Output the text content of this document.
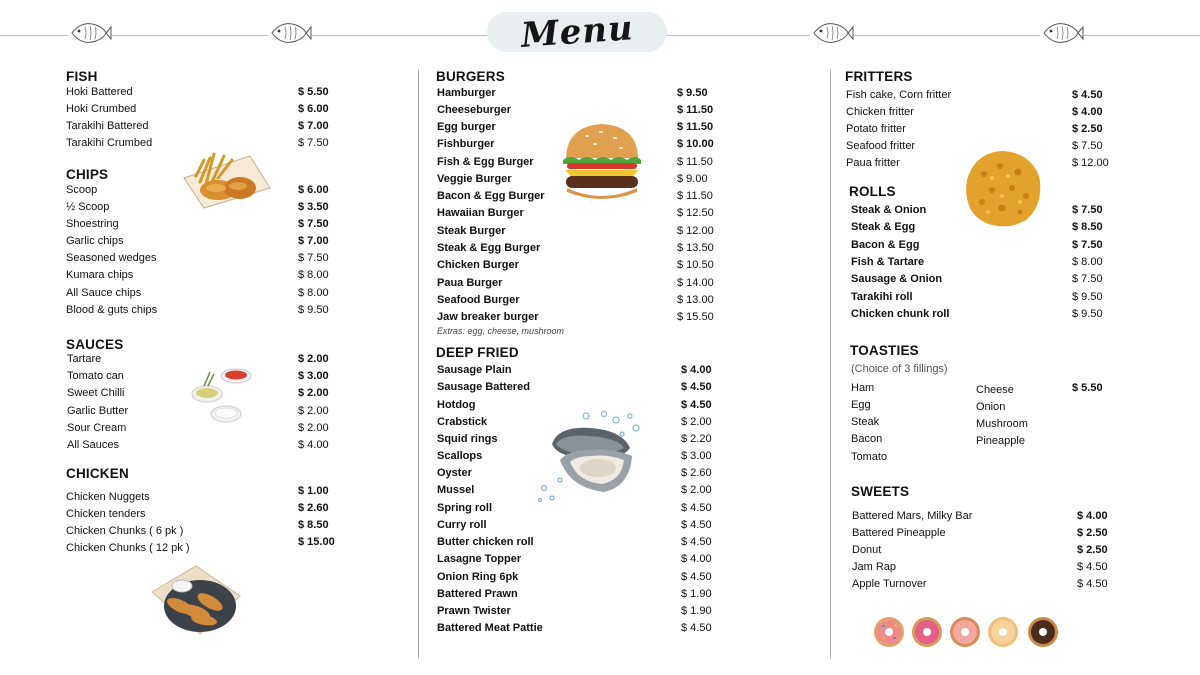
Menu
FISH
Hoki Battered	$ 5.50
Hoki Crumbed	$ 6.00
Tarakihi Battered	$ 7.00
Tarakihi Crumbed	$ 7.50
CHIPS
Scoop	$ 6.00
½ Scoop	$ 3.50
Shoestring	$ 7.50
Garlic chips	$ 7.00
Seasoned wedges	$ 7.50
Kumara chips	$ 8.00
All Sauce chips	$ 8.00
Blood & guts chips	$ 9.50
SAUCES
Tartare	$ 2.00
Tomato can	$ 3.00
Sweet Chilli	$ 2.00
Garlic Butter	$ 2.00
Sour Cream	$ 2.00
All Sauces	$ 4.00
CHICKEN
Chicken Nuggets	$ 1.00
Chicken tenders	$ 2.60
Chicken Chunks ( 6 pk )	$ 8.50
Chicken Chunks ( 12 pk )	$ 15.00
BURGERS
Hamburger	$ 9.50
Cheeseburger	$ 11.50
Egg burger	$ 11.50
Fishburger	$ 10.00
Fish & Egg Burger	$ 11.50
Veggie Burger	$ 9.00
Bacon & Egg Burger	$ 11.50
Hawaiian Burger	$ 12.50
Steak Burger	$ 12.00
Steak & Egg Burger	$ 13.50
Chicken Burger	$ 10.50
Paua Burger	$ 14.00
Seafood Burger	$ 13.00
Jaw breaker burger	$ 15.50
Extras: egg, cheese, mushroom
DEEP FRIED
Sausage Plain	$ 4.00
Sausage Battered	$ 4.50
Hotdog	$ 4.50
Crabstick	$ 2.00
Squid rings	$ 2.20
Scallops	$ 3.00
Oyster	$ 2.60
Mussel	$ 2.00
Spring roll	$ 4.50
Curry roll	$ 4.50
Butter chicken roll	$ 4.50
Lasagne Topper	$ 4.00
Onion Ring 6pk	$ 4.50
Battered Prawn	$ 1.90
Prawn Twister	$ 1.90
Battered Meat Pattie	$ 4.50
FRITTERS
Fish cake, Corn fritter	$ 4.50
Chicken fritter	$ 4.00
Potato fritter	$ 2.50
Seafood fritter	$ 7.50
Paua fritter	$ 12.00
ROLLS
Steak & Onion	$ 7.50
Steak & Egg	$ 8.50
Bacon & Egg	$ 7.50
Fish & Tartare	$ 8.00
Sausage & Onion	$ 7.50
Tarakihi roll	$ 9.50
Chicken chunk roll	$ 9.50
TOASTIES
(Choice of 3 fillings)
Ham
Egg
Steak
Bacon
Tomato
Cheese
Onion
Mushroom
Pineapple
$ 5.50
SWEETS
Battered Mars, Milky Bar	$ 4.00
Battered Pineapple	$ 2.50
Donut	$ 2.50
Jam Rap	$ 4.50
Apple Turnover	$ 4.50
